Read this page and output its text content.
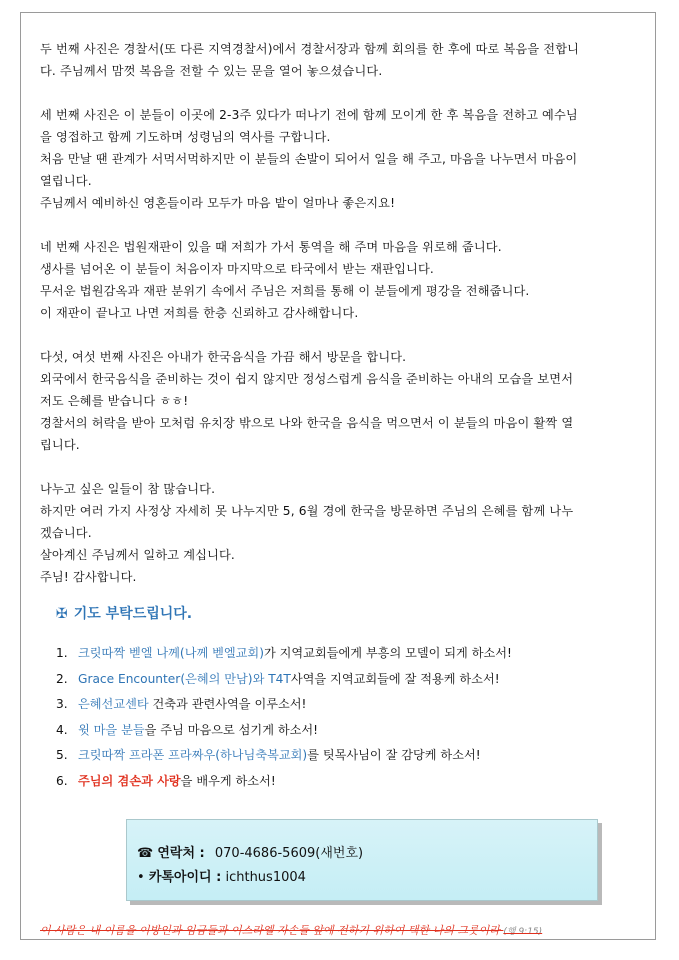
두 번째 사진은 경찰서(또 다른 지역경찰서)에서 경찰서장과 함께 회의를 한 후에 따로 복음을 전합니
다. 주님께서 맘껏 복음을 전할 수 있는 문을 열어 놓으셨습니다.
세 번째 사진은 이 분들이 이곳에 2-3주 있다가 떠나기 전에 함께 모이게 한 후 복음을 전하고 예수님
을 영접하고 함께 기도하며 성령님의 역사를 구합니다.
처음 만날 땐 관계가 서먹서먹하지만 이 분들의 손발이 되어서 일을 해 주고, 마음을 나누면서 마음이
열립니다.
주님께서 예비하신 영혼들이라 모두가 마음 밭이 얼마나 좋은지요!
네 번째 사진은 법원재판이 있을 때 저희가 가서 통역을 해 주며 마음을 위로해 줍니다.
생사를 넘어온 이 분들이 처음이자 마지막으로 타국에서 받는 재판입니다.
무서운 법원감옥과 재판 분위기 속에서 주님은 저희를 통해 이 분들에게 평강을 전해줍니다.
이 재판이 끝나고 나면 저희를 한층 신뢰하고 감사해합니다.
다섯, 여섯 번째 사진은 아내가 한국음식을 가끔 해서 방문을 합니다.
외국에서 한국음식을 준비하는 것이 쉽지 않지만 정성스럽게 음식을 준비하는 아내의 모습을 보면서
저도 은혜를 받습니다 ㅎㅎ!
경찰서의 허락을 받아 모처럼 유치장 밖으로 나와 한국을 음식을 먹으면서 이 분들의 마음이 활짝 열
립니다.
나누고 싶은 일들이 참 많습니다.
하지만 여러 가지 사정상 자세히 못 나누지만 5, 6월 경에 한국을 방문하면 주님의 은혜를 함께 나누
겠습니다.
살아계신 주님께서 일하고 계십니다.
주님! 감사합니다.
✠ 기도 부탁드립니다.
1. 크릿따짝 벧엘 나께(나께 벧엘교회)가 지역교회들에게 부흥의 모델이 되게 하소서!
2. Grace Encounter(은혜의 만남)와 T4T사역을 지역교회들에 잘 적용케 하소서!
3. 은혜선교센타 건축과 관련사역을 이루소서!
4. 윗 마을 분들을 주님 마음으로 섬기게 하소서!
5. 크릿따짝 프라폰 프라짜우(하나님축복교회)를 팃목사님이 잘 감당케 하소서!
6. 주님의 겸손과 사랑을 배우게 하소서!
☎ 연락처 : 070-4686-5609(새번호)
• 카톡아이디 : ichthus1004
이 사람은 내 이름을 이방인과 임금들과 이스라엘 자손들 앞에 전하기 위하여 택한 나의 그릇이라 (행 9:15)
